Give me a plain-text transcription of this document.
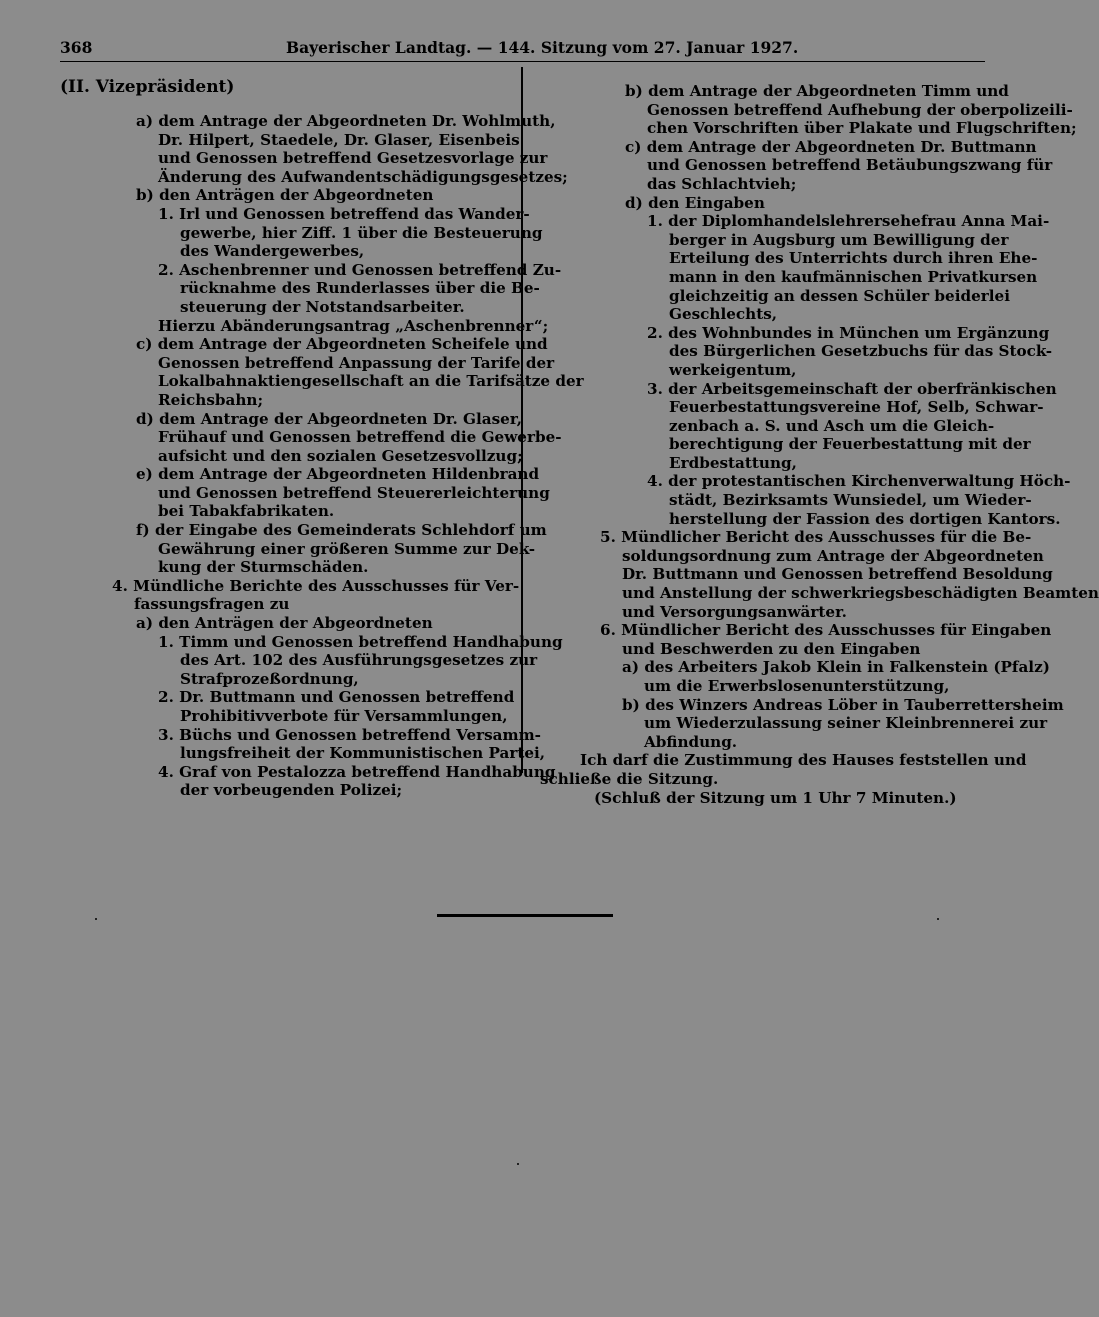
368	Bayerischer Landtag. — 144. Sitzung vom 27. Januar 1927.
(II. Vizepräsident)
a) dem Antrage der Abgeordneten Dr. Wohlmuth,
Dr. Hilpert, Staedele, Dr. Glaser, Eisenbeis
und Genossen betreffend Gesetzesvorlage zur
Änderung des Aufwandentschädigungsgesetzes;
b) den Anträgen der Abgeordneten
1. Irl und Genossen betreffend das Wander-
gewerbe, hier Ziff. 1 über die Besteuerung
des Wandergewerbes,
2. Aschenbrenner und Genossen betreffend Zu-
rücknahme des Runderlasses über die Be-
steuerung der Notstandsarbeiter.
Hierzu Abänderungsantrag „Aschenbrenner“;
c) dem Antrage der Abgeordneten Scheifele und
Genossen betreffend Anpassung der Tarife der
Lokalbahnaktiengesellschaft an die Tarifsätze der
Reichsbahn;
d) dem Antrage der Abgeordneten Dr. Glaser,
Frühauf und Genossen betreffend die Gewerbe-
aufsicht und den sozialen Gesetzesvollzug;
e) dem Antrage der Abgeordneten Hildenbrand
und Genossen betreffend Steuererleichterung
bei Tabakfabrikaten.
f) der Eingabe des Gemeinderats Schlehdorf um
Gewährung einer größeren Summe zur Dek-
kung der Sturmschäden.
4. Mündliche Berichte des Ausschusses für Ver-
fassungsfragen zu
a) den Anträgen der Abgeordneten
1. Timm und Genossen betreffend Handhabung
des Art. 102 des Ausführungsgesetzes zur
Strafprozeßordnung,
2. Dr. Buttmann und Genossen betreffend
Prohibitivverbote für Versammlungen,
3. Büchs und Genossen betreffend Versamm-
lungsfreiheit der Kommunistischen Partei,
4. Graf von Pestalozza betreffend Handhabung
der vorbeugenden Polizei;
b) dem Antrage der Abgeordneten Timm und
Genossen betreffend Aufhebung der oberpolizeili-
chen Vorschriften über Plakate und Flugschriften;
c) dem Antrage der Abgeordneten Dr. Buttmann
und Genossen betreffend Betäubungszwang für
das Schlachtvieh;
d) den Eingaben
1. der Diplomhandelslehrersehefrau Anna Mai-
berger in Augsburg um Bewilligung der
Erteilung des Unterrichts durch ihren Ehe-
mann in den kaufmännischen Privatkursen
gleichzeitig an dessen Schüler beiderlei
Geschlechts,
2. des Wohnbundes in München um Ergänzung
des Bürgerlichen Gesetzbuchs für das Stock-
werkeigentum,
3. der Arbeitsgemeinschaft der oberfränkischen
Feuerbestattungsvereine Hof, Selb, Schwar-
zenbach a. S. und Asch um die Gleich-
berechtigung der Feuerbestattung mit der
Erdbestattung,
4. der protestantischen Kirchenverwaltung Höch-
städt, Bezirksamts Wunsiedel, um Wieder-
herstellung der Fassion des dortigen Kantors.
5. Mündlicher Bericht des Ausschusses für die Be-
soldungsordnung zum Antrage der Abgeordneten
Dr. Buttmann und Genossen betreffend Besoldung
und Anstellung der schwerkriegsbeschädigten Beamten
und Versorgungsanwärter.
6. Mündlicher Bericht des Ausschusses für Eingaben
und Beschwerden zu den Eingaben
a) des Arbeiters Jakob Klein in Falkenstein (Pfalz)
um die Erwerbslosenunterstützung,
b) des Winzers Andreas Löber in Tauberrettersheim
um Wiederzulassung seiner Kleinbrennerei zur
Abfindung.
Ich darf die Zustimmung des Hauses feststellen und
schließe die Sitzung.
(Schluß der Sitzung um 1 Uhr 7 Minuten.)
